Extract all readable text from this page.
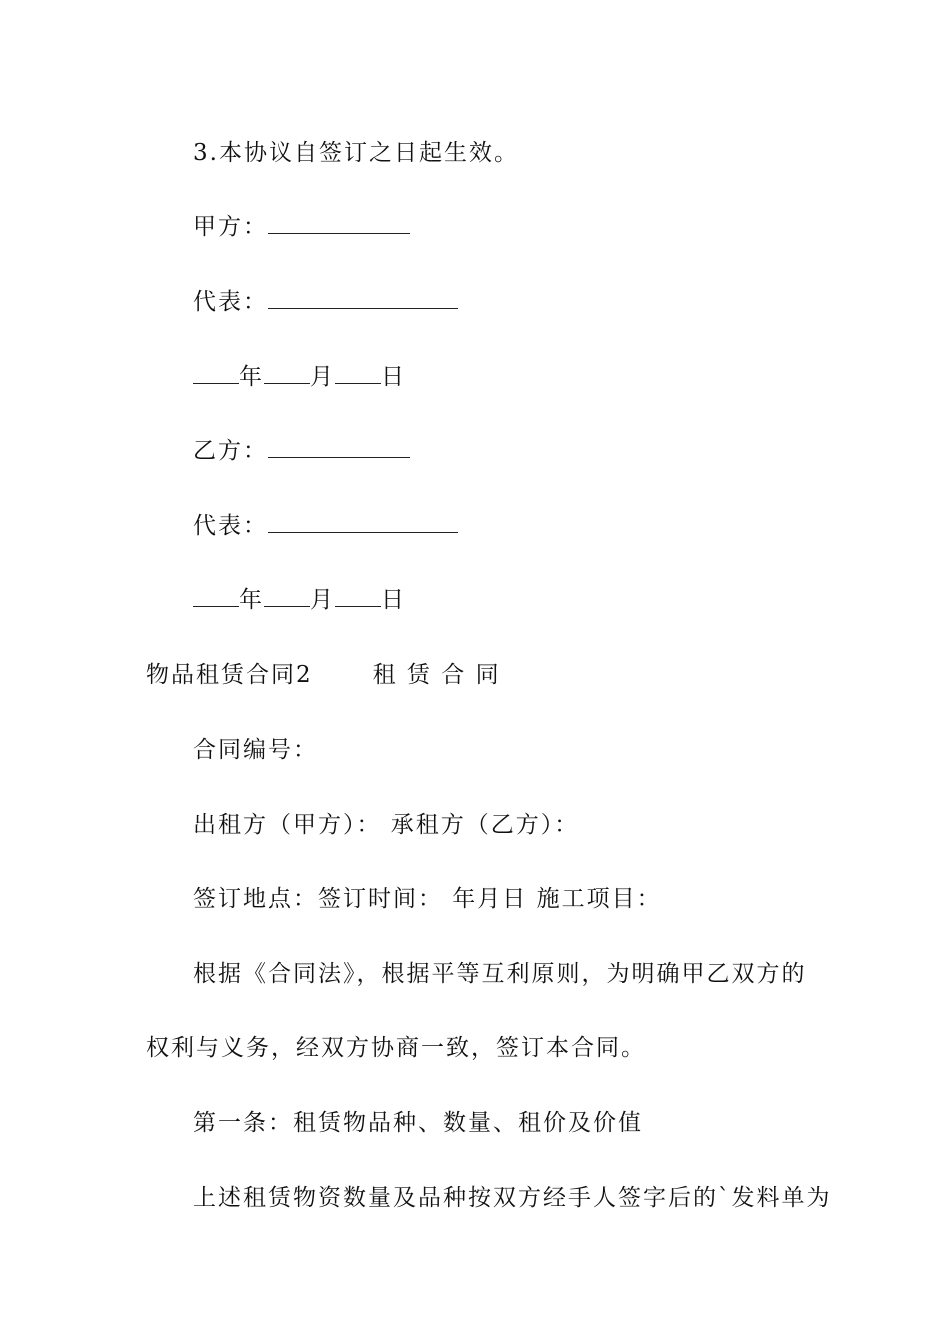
3.本协议自签订之日起生效。
甲方：
代表：
年 月 日
乙方：
代表：
年 月 日
物品租赁合同2	租 赁 合 同
合同编号：
出租方（甲方）： 承租方（乙方）：
签订地点：签订时间： 年月日 施工项目：
根据《合同法》，根据平等互利原则，为明确甲乙双方的
权利与义务，经双方协商一致，签订本合同。
第一条：租赁物品种、数量、租价及价值
上述租赁物资数量及品种按双方经手人签字后的`发料单为
